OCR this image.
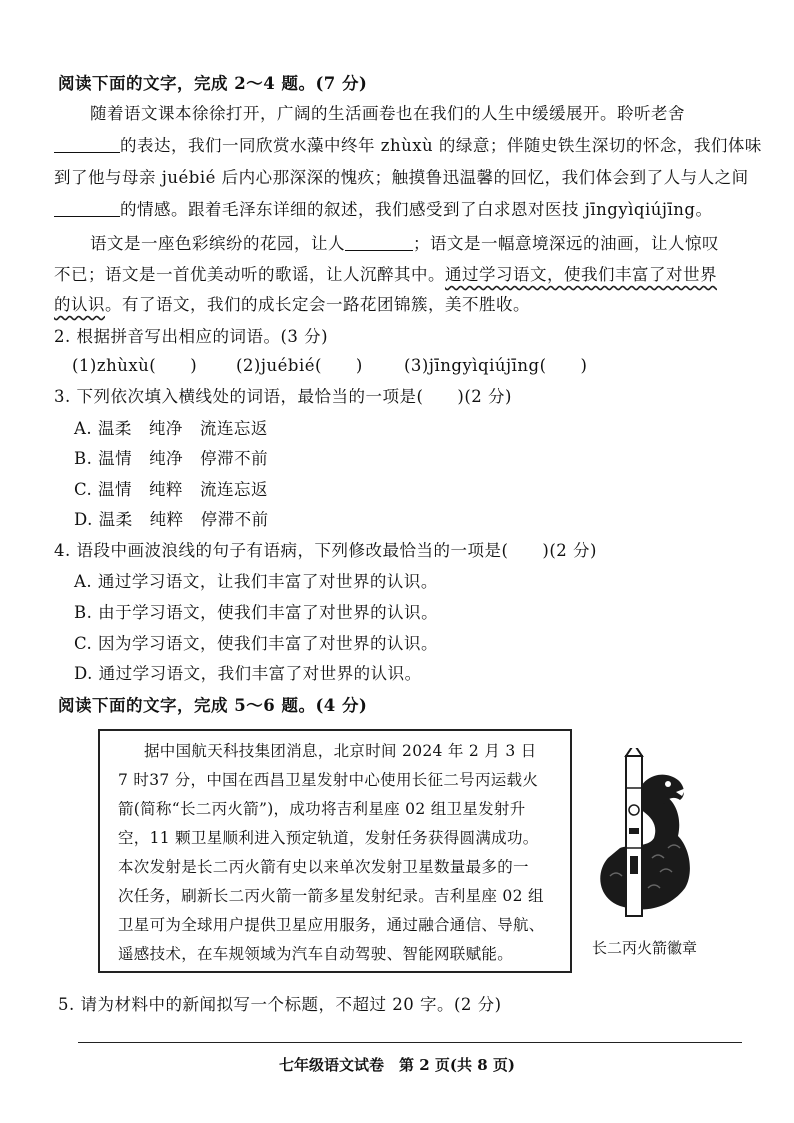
阅读下面的文字，完成 2～4 题。(7 分)
随着语文课本徐徐打开，广阔的生活画卷也在我们的人生中缓缓展开。聆听老舍
的表达，我们一同欣赏水藻中终年 zhùxù 的绿意；伴随史铁生深切的怀念，我们体味
到了他与母亲 juébié 后内心那深深的愧疚；触摸鲁迅温馨的回忆，我们体会到了人与人之间
的情感。跟着毛泽东详细的叙述，我们感受到了白求恩对医技 jīngyìqiújīng。
语文是一座色彩缤纷的花园，让人	；语文是一幅意境深远的油画，让人惊叹
不已；语文是一首优美动听的歌谣，让人沉醉其中。通过学习语文，使我们丰富了对世界
的认识。有了语文，我们的成长定会一路花团锦簇，美不胜收。
2. 根据拼音写出相应的词语。(3 分)
(1)zhùxù(　　) (2)juébié(　　) (3)jīngyìqiújīng(　　)
3. 下列依次填入横线处的词语，最恰当的一项是(　　)(2 分)
A. 温柔　纯净　流连忘返
B. 温情　纯净　停滞不前
C. 温情　纯粹　流连忘返
D. 温柔　纯粹　停滞不前
4. 语段中画波浪线的句子有语病，下列修改最恰当的一项是(　　)(2 分)
A. 通过学习语文，让我们丰富了对世界的认识。
B. 由于学习语文，使我们丰富了对世界的认识。
C. 因为学习语文，使我们丰富了对世界的认识。
D. 通过学习语文，我们丰富了对世界的认识。
阅读下面的文字，完成 5～6 题。(4 分)
据中国航天科技集团消息，北京时间 2024 年 2 月 3 日
7 时37 分，中国在西昌卫星发射中心使用长征二号丙运载火
箭(简称“长二丙火箭”)，成功将吉利星座 02 组卫星发射升
空，11 颗卫星顺利进入预定轨道，发射任务获得圆满成功。
本次发射是长二丙火箭有史以来单次发射卫星数量最多的一
次任务，刷新长二丙火箭一箭多星发射纪录。吉利星座 02 组
卫星可为全球用户提供卫星应用服务，通过融合通信、导航、
遥感技术，在车规领域为汽车自动驾驶、智能网联赋能。	长二丙火箭徽章
5. 请为材料中的新闻拟写一个标题，不超过 20 字。(2 分)
七年级语文试卷　第 2 页(共 8 页)
